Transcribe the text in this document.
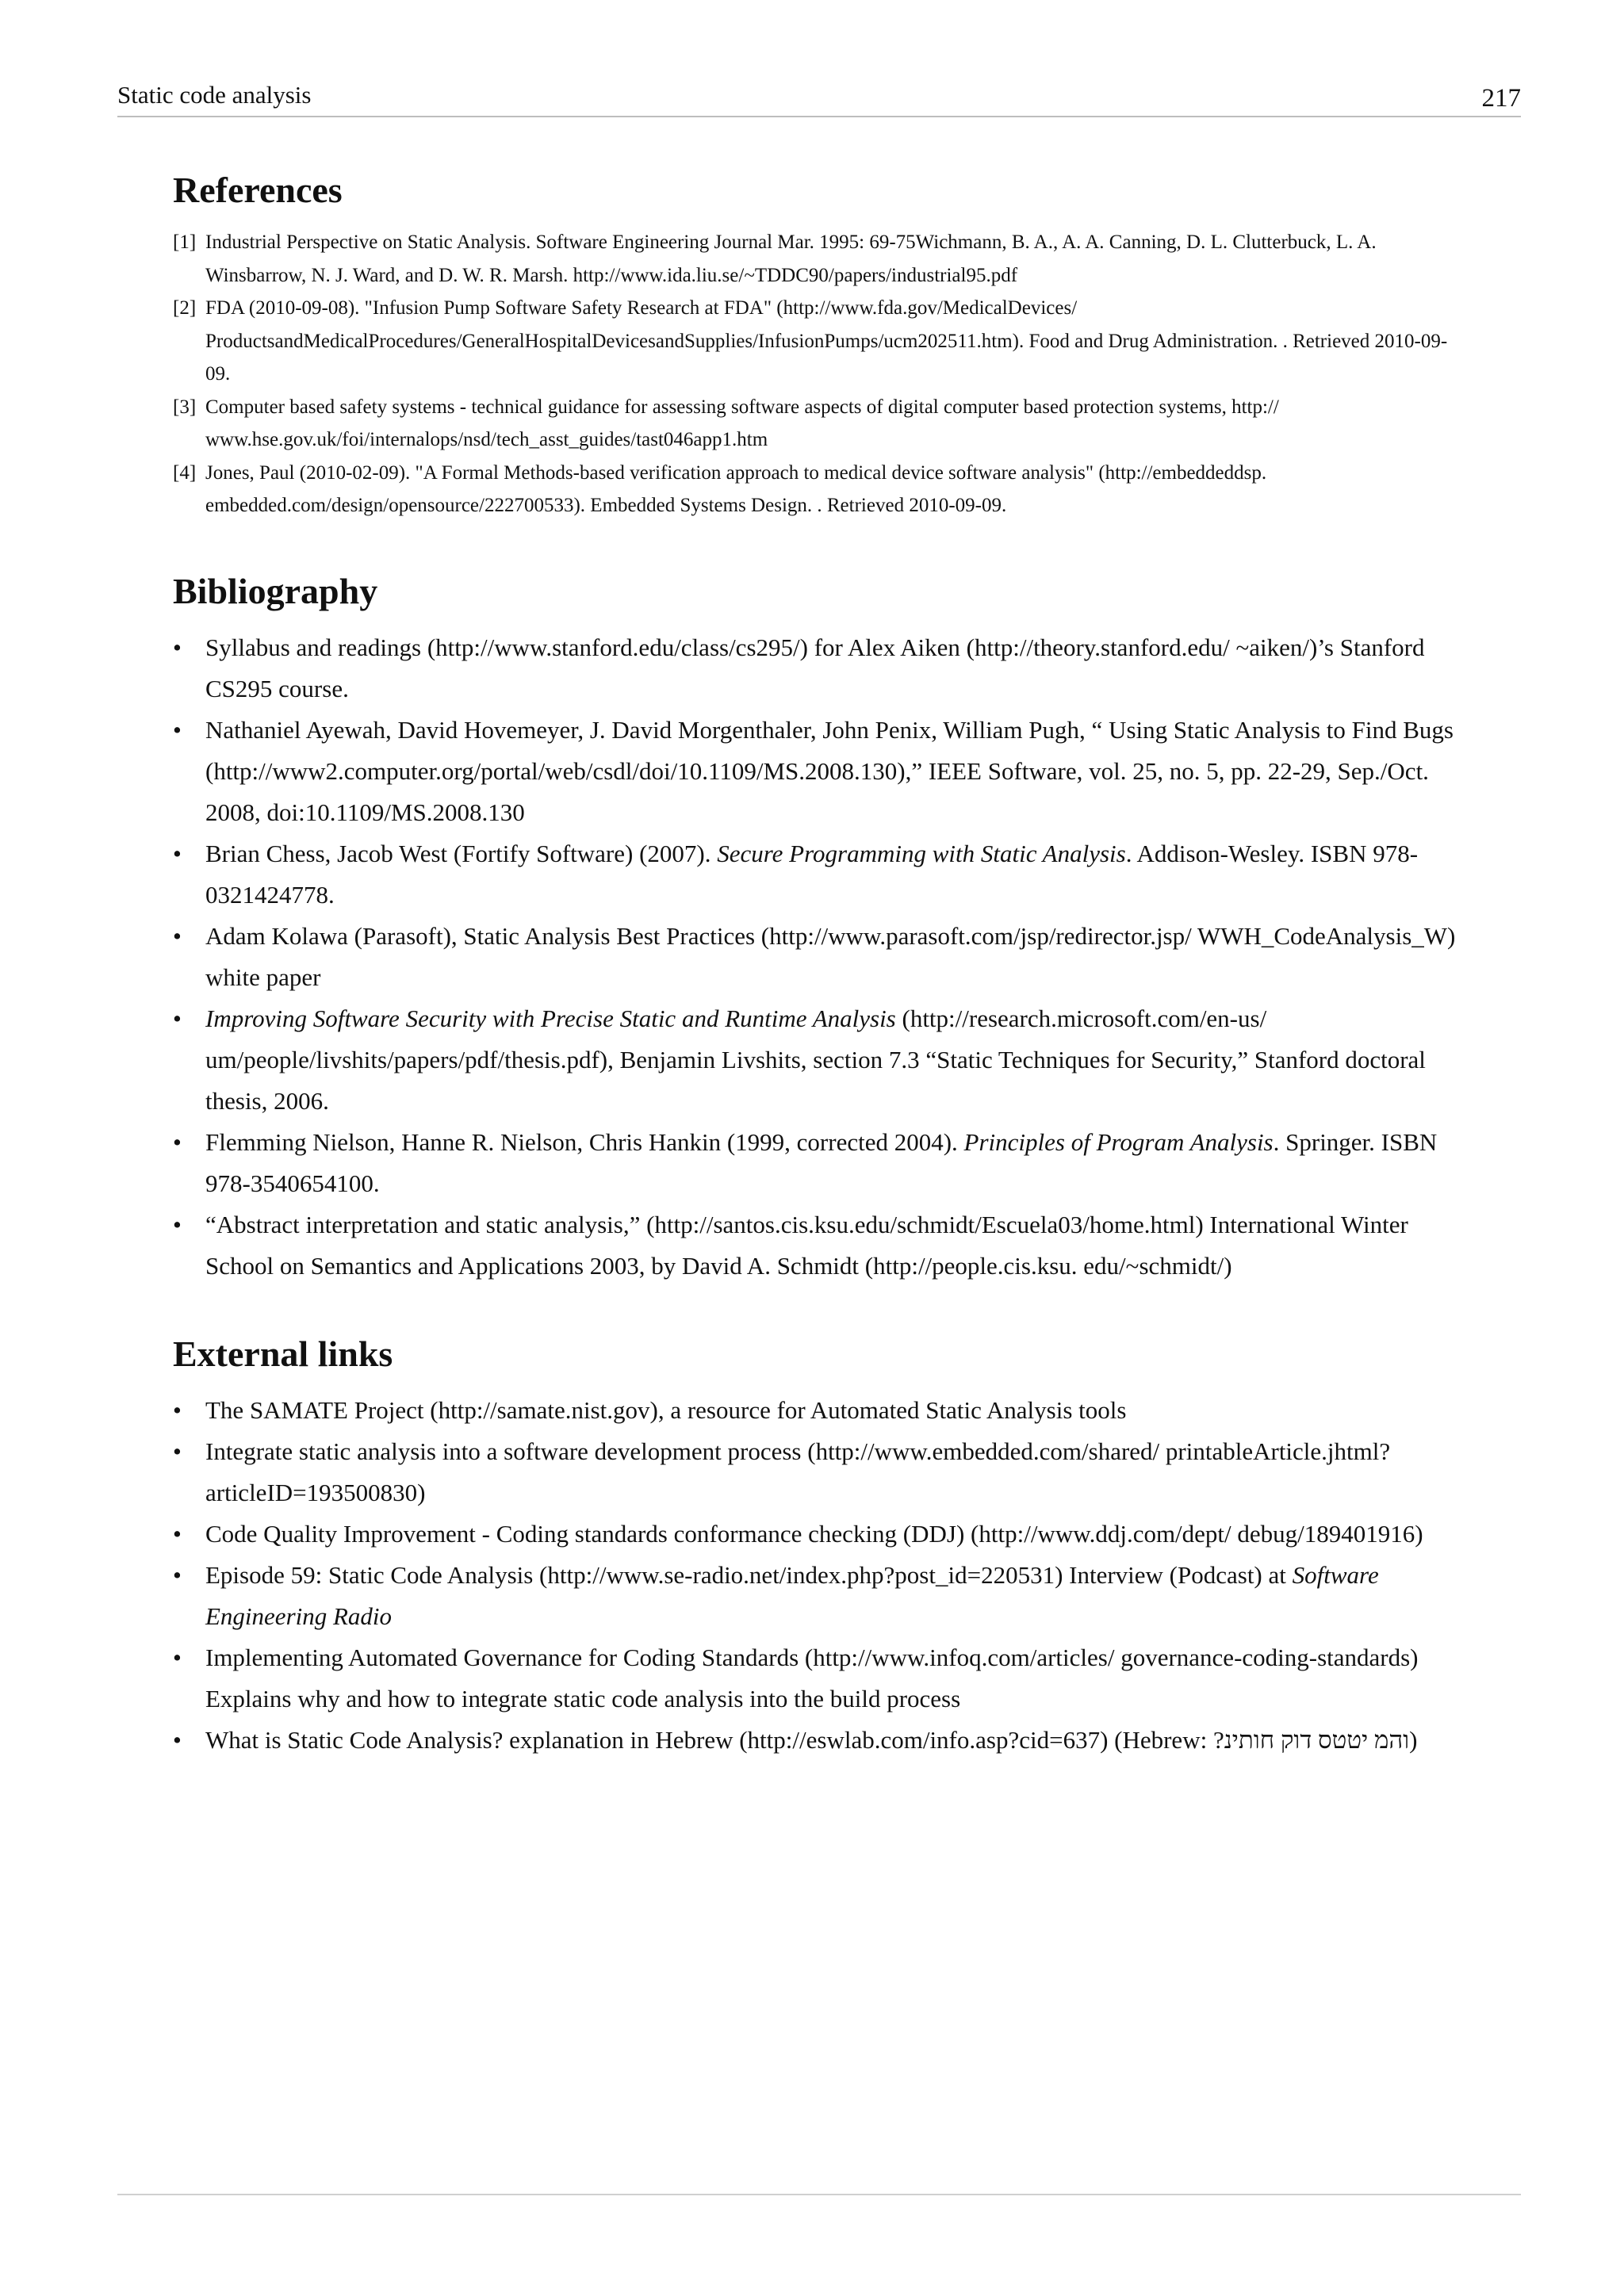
Static code analysis	217
References
[1] Industrial Perspective on Static Analysis. Software Engineering Journal Mar. 1995: 69-75Wichmann, B. A., A. A. Canning, D. L. Clutterbuck, L. A. Winsbarrow, N. J. Ward, and D. W. R. Marsh. http://www.ida.liu.se/~TDDC90/papers/industrial95.pdf
[2] FDA (2010-09-08). "Infusion Pump Software Safety Research at FDA" (http://www.fda.gov/MedicalDevices/ ProductsandMedicalProcedures/GeneralHospitalDevicesandSupplies/InfusionPumps/ucm202511.htm). Food and Drug Administration. . Retrieved 2010-09-09.
[3] Computer based safety systems - technical guidance for assessing software aspects of digital computer based protection systems, http:// www.hse.gov.uk/foi/internalops/nsd/tech_asst_guides/tast046app1.htm
[4] Jones, Paul (2010-02-09). "A Formal Methods-based verification approach to medical device software analysis" (http://embeddeddsp. embedded.com/design/opensource/222700533). Embedded Systems Design. . Retrieved 2010-09-09.
Bibliography
• Syllabus and readings (http://www.stanford.edu/class/cs295/) for Alex Aiken (http://theory.stanford.edu/ ~aiken/)’s Stanford CS295 course.
• Nathaniel Ayewah, David Hovemeyer, J. David Morgenthaler, John Penix, William Pugh, “ Using Static Analysis to Find Bugs (http://www2.computer.org/portal/web/csdl/doi/10.1109/MS.2008.130),” IEEE Software, vol. 25, no. 5, pp. 22-29, Sep./Oct. 2008, doi:10.1109/MS.2008.130
• Brian Chess, Jacob West (Fortify Software) (2007). Secure Programming with Static Analysis. Addison-Wesley. ISBN 978-0321424778.
• Adam Kolawa (Parasoft), Static Analysis Best Practices (http://www.parasoft.com/jsp/redirector.jsp/ WWH_CodeAnalysis_W) white paper
• Improving Software Security with Precise Static and Runtime Analysis (http://research.microsoft.com/en-us/ um/people/livshits/papers/pdf/thesis.pdf), Benjamin Livshits, section 7.3 “Static Techniques for Security,” Stanford doctoral thesis, 2006.
• Flemming Nielson, Hanne R. Nielson, Chris Hankin (1999, corrected 2004). Principles of Program Analysis. Springer. ISBN 978-3540654100.
• “Abstract interpretation and static analysis,” (http://santos.cis.ksu.edu/schmidt/Escuela03/home.html) International Winter School on Semantics and Applications 2003, by David A. Schmidt (http://people.cis.ksu. edu/~schmidt/)
External links
• The SAMATE Project (http://samate.nist.gov), a resource for Automated Static Analysis tools
• Integrate static analysis into a software development process (http://www.embedded.com/shared/ printableArticle.jhtml?articleID=193500830)
• Code Quality Improvement - Coding standards conformance checking (DDJ) (http://www.ddj.com/dept/ debug/189401916)
• Episode 59: Static Code Analysis (http://www.se-radio.net/index.php?post_id=220531) Interview (Podcast) at Software Engineering Radio
• Implementing Automated Governance for Coding Standards (http://www.infoq.com/articles/ governance-coding-standards) Explains why and how to integrate static code analysis into the build process
• What is Static Code Analysis? explanation in Hebrew (http://eswlab.com/info.asp?cid=637) (Hebrew: ?והמ יטטס דוק חותינ)
